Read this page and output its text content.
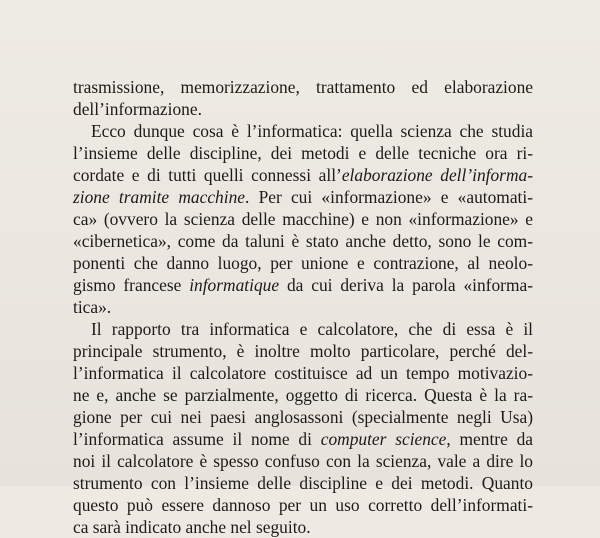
trasmissione, memorizzazione, trattamento ed elaborazione
dell’informazione.
Ecco dunque cosa è l’informatica: quella scienza che studia
l’insieme delle discipline, dei metodi e delle tecniche ora ri-
cordate e di tutti quelli connessi all’elaborazione dell’informa-
zione tramite macchine. Per cui «informazione» e «automati-
ca» (ovvero la scienza delle macchine) e non «informazione» e
«cibernetica», come da taluni è stato anche detto, sono le com-
ponenti che danno luogo, per unione e contrazione, al neolo-
gismo francese informatique da cui deriva la parola «informa-
tica».
Il rapporto tra informatica e calcolatore, che di essa è il
principale strumento, è inoltre molto particolare, perché del-
l’informatica il calcolatore costituisce ad un tempo motivazio-
ne e, anche se parzialmente, oggetto di ricerca. Questa è la ra-
gione per cui nei paesi anglosassoni (specialmente negli Usa)
l’informatica assume il nome di computer science, mentre da
noi il calcolatore è spesso confuso con la scienza, vale a dire lo
strumento con l’insieme delle discipline e dei metodi. Quanto
questo può essere dannoso per un uso corretto dell’informati-
ca sarà indicato anche nel seguito.
